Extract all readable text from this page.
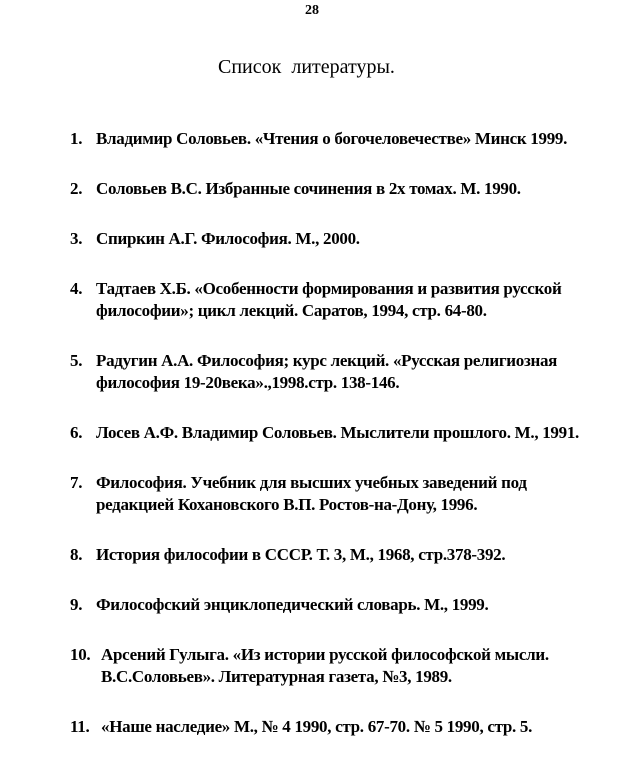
28
Список  литературы.
1. Владимир Соловьев. «Чтения о богочеловечестве» Минск 1999.
2. Соловьев В.С. Избранные сочинения в 2х томах. М. 1990.
3. Спиркин А.Г. Философия. М., 2000.
4. Тадтаев Х.Б. «Особенности формирования и развития русской
философии»; цикл лекций. Саратов, 1994, стр. 64-80.
5. Радугин А.А. Философия; курс лекций. «Русская религиозная
философия 19-20века».,1998.стр. 138-146.
6. Лосев А.Ф. Владимир Соловьев. Мыслители прошлого. М., 1991.
7. Философия. Учебник для высших учебных заведений под
редакцией Кохановского В.П. Ростов-на-Дону, 1996.
8. История философии в СССР. Т. 3, М., 1968, стр.378-392.
9. Философский энциклопедический словарь. М., 1999.
10. Арсений Гулыга. «Из истории русской философской мысли.
В.С.Соловьев». Литературная газета, №3, 1989.
11. «Наше наследие» М., № 4 1990, стр. 67-70. № 5 1990, стр. 5.
